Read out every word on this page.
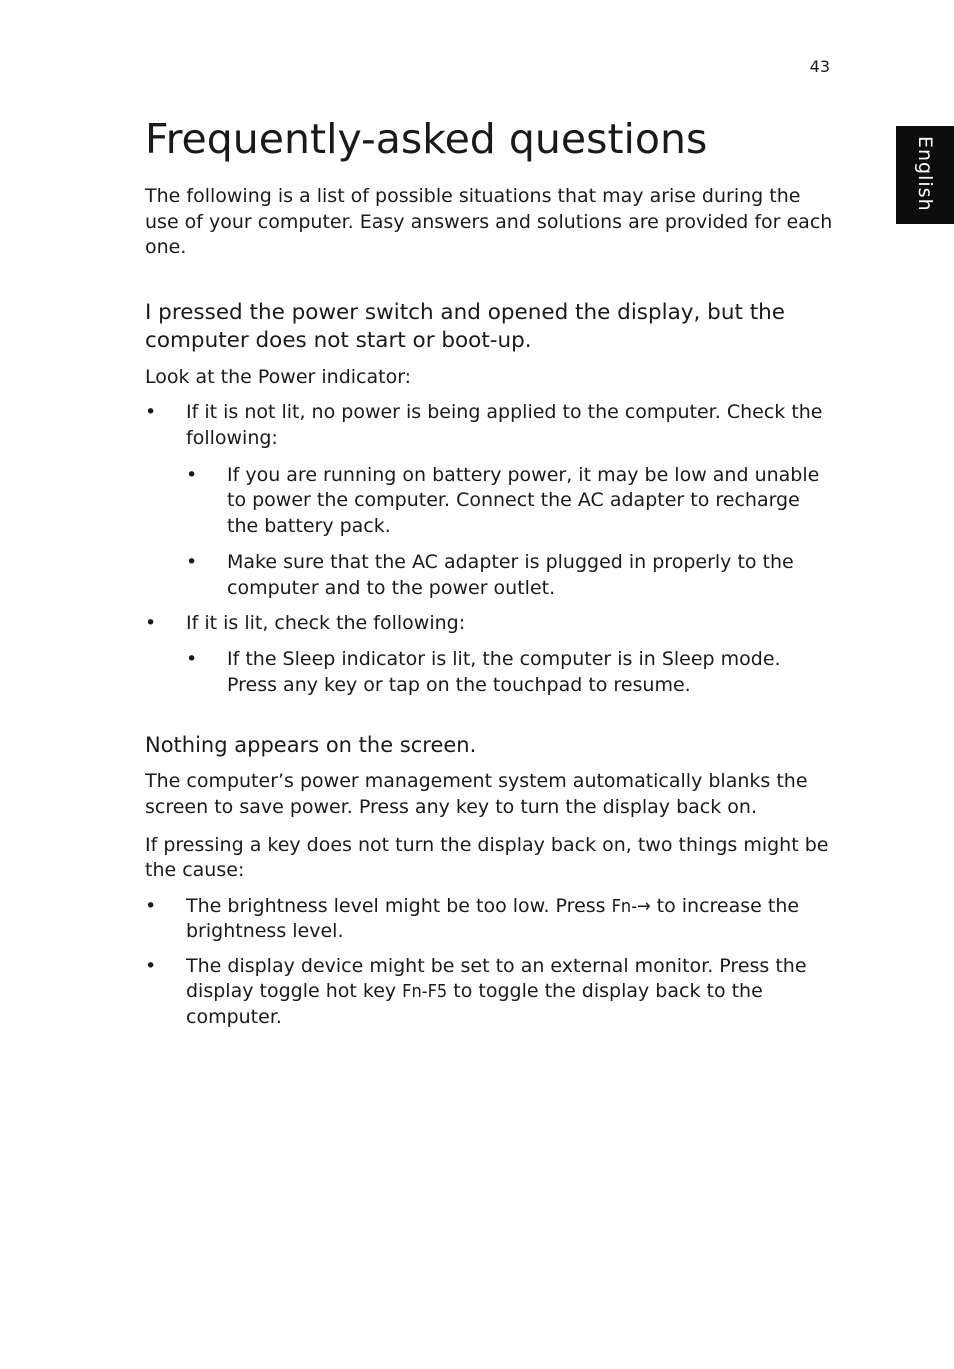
43
English
Frequently-asked questions

The following is a list of possible situations that may arise during the use of your computer. Easy answers and solutions are provided for each one.

I pressed the power switch and opened the display, but the computer does not start or boot-up.

Look at the Power indicator:

• If it is not lit, no power is being applied to the computer. Check the following:
• If you are running on battery power, it may be low and unable to power the computer. Connect the AC adapter to recharge the battery pack.
• Make sure that the AC adapter is plugged in properly to the computer and to the power outlet.
• If it is lit, check the following:
• If the Sleep indicator is lit, the computer is in Sleep mode. Press any key or tap on the touchpad to resume.
Nothing appears on the screen.

The computer’s power management system automatically blanks the screen to save power. Press any key to turn the display back on.

If pressing a key does not turn the display back on, two things might be the cause:

• The brightness level might be too low. Press Fn-→ to increase the brightness level.
• The display device might be set to an external monitor. Press the display toggle hot key Fn-F5 to toggle the display back to the computer.
